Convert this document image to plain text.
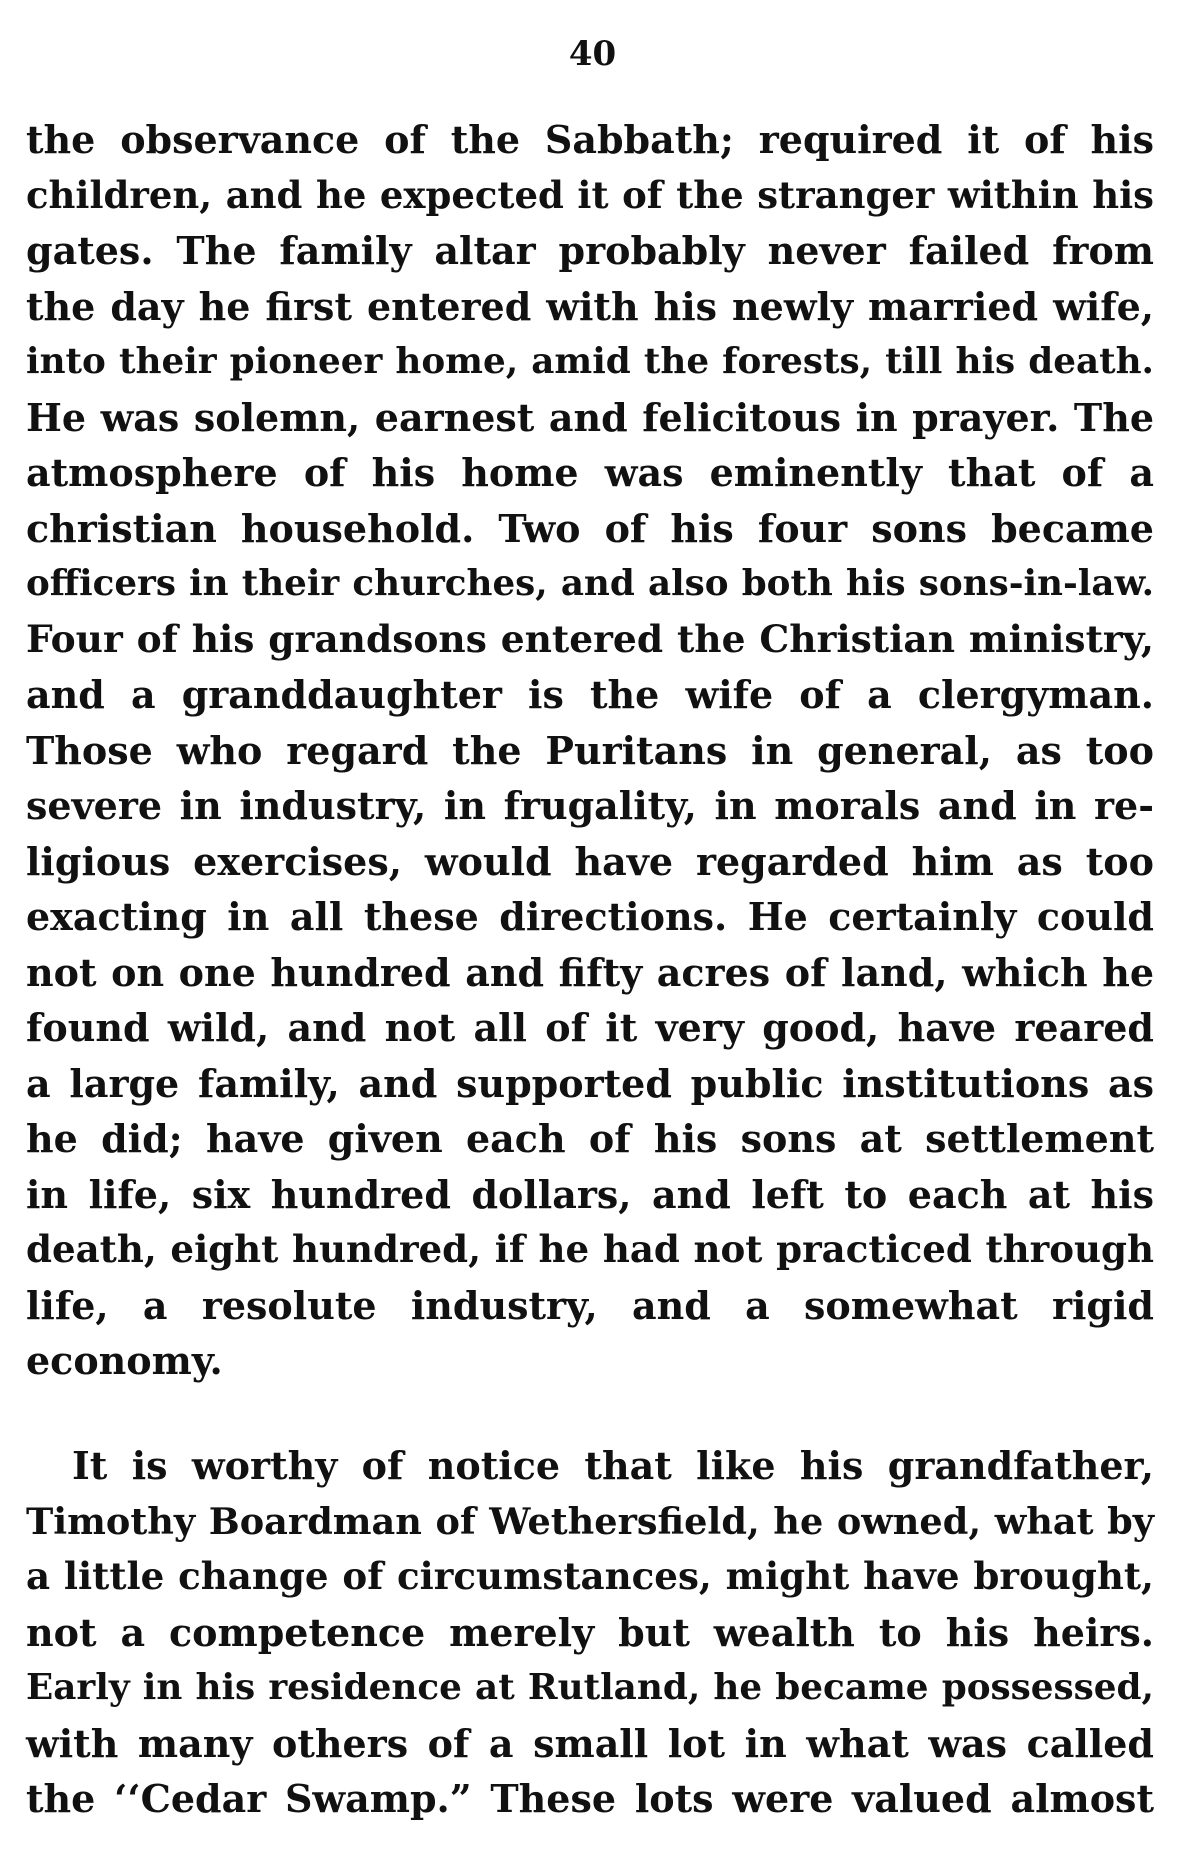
40
the observance of the Sabbath; required it of his
children, and he expected it of the stranger within his
gates. The family altar probably never failed from
the day he first entered with his newly married wife,
into their pioneer home, amid the forests, till his death.
He was solemn, earnest and felicitous in prayer. The
atmosphere of his home was eminently that of a
christian household. Two of his four sons became
officers in their churches, and also both his sons-in-law.
Four of his grandsons entered the Christian ministry,
and a granddaughter is the wife of a clergyman.
Those who regard the Puritans in general, as too
severe in industry, in frugality, in morals and in re-
ligious exercises, would have regarded him as too
exacting in all these directions. He certainly could
not on one hundred and fifty acres of land, which he
found wild, and not all of it very good, have reared
a large family, and supported public institutions as
he did; have given each of his sons at settlement
in life, six hundred dollars, and left to each at his
death, eight hundred, if he had not practiced through
life, a resolute industry, and a somewhat rigid
economy.
It is worthy of notice that like his grandfather,
Timothy Boardman of Wethersfield, he owned, what by
a little change of circumstances, might have brought,
not a competence merely but wealth to his heirs.
Early in his residence at Rutland, he became possessed,
with many others of a small lot in what was called
the ‘‘Cedar Swamp.” These lots were valued almost
